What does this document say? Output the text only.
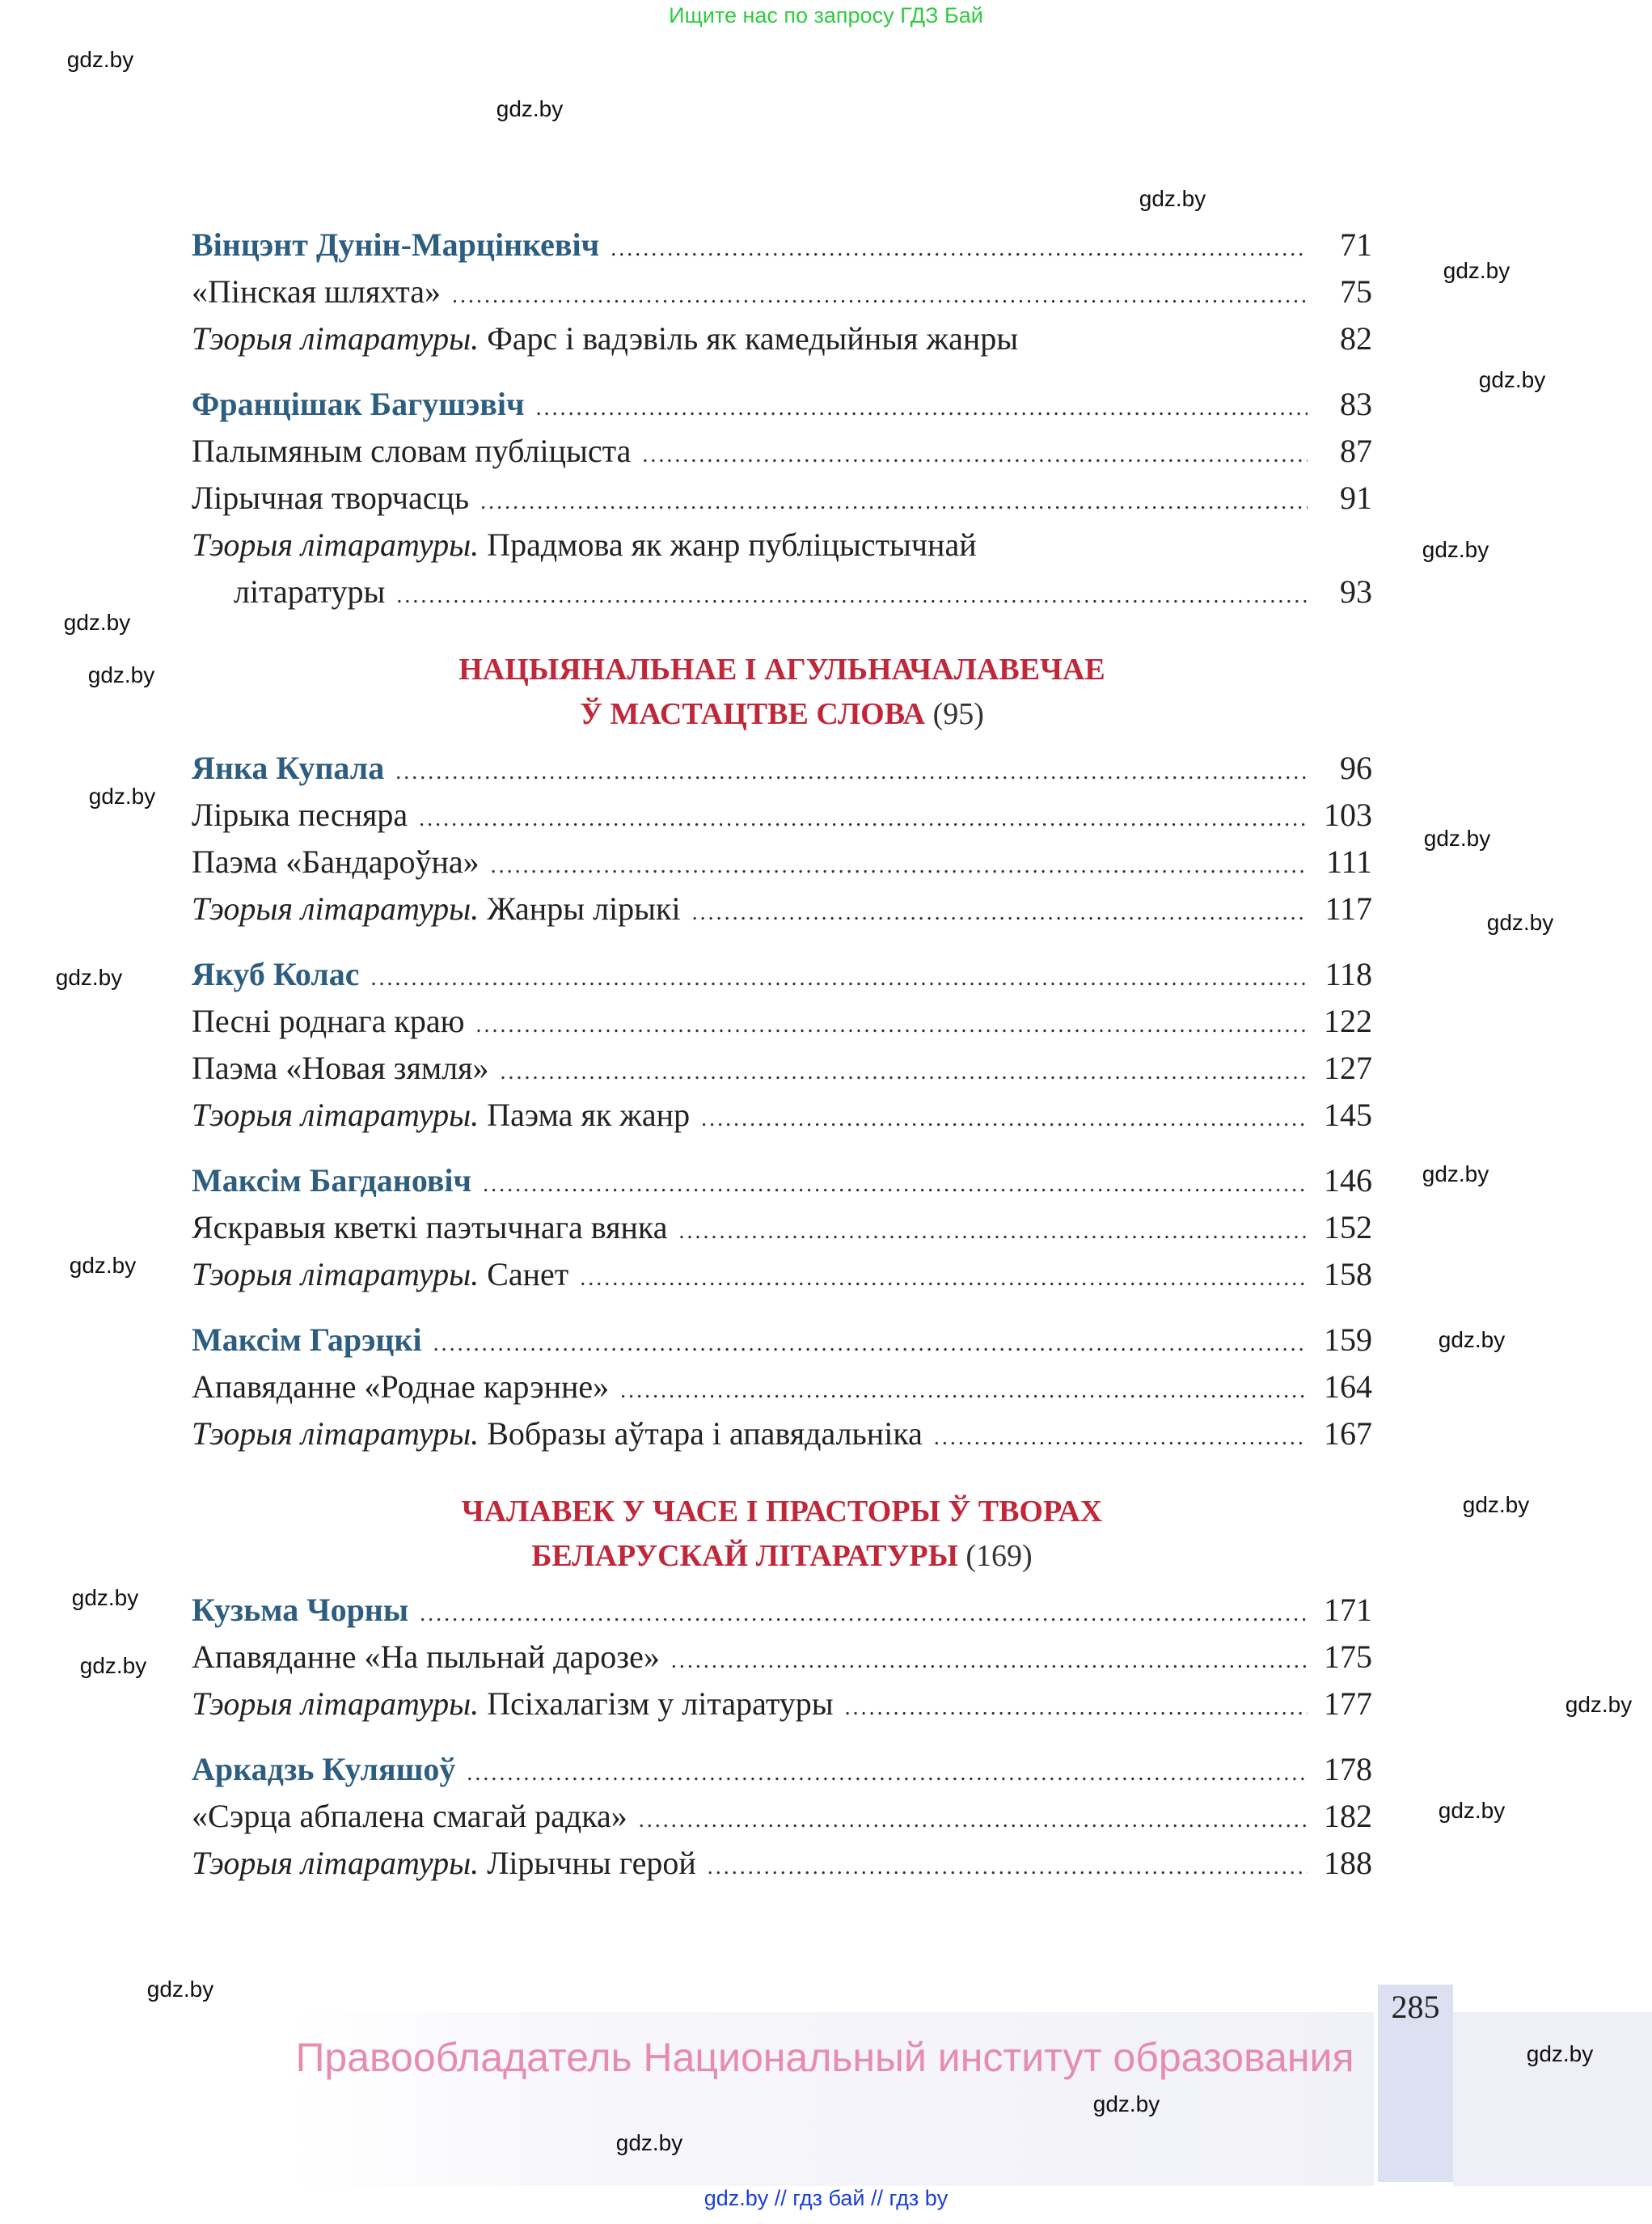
Ищите нас по запросу ГДЗ Бай
285
Правообладатель Национальный институт образования
Вінцэнт Дунін-Марцінкевіч .....	71
«Пінская шляхта» .....	75
Тэорыя літаратуры. Фарс і вадэвіль як камедыйныя жанры	82
Францішак Багушэвіч .....	83
Палымяным словам публіцыста .....	87
Лірычная творчасць .....	91
Тэорыя літаратуры. Прадмова як жанр публіцыстычнай
літаратуры .....	93
НАЦЫЯНАЛЬНАЕ І АГУЛЬНАЧАЛАВЕЧАЕ
Ў МАСТАЦТВЕ СЛОВА (95)
Янка Купала .....	96
Лірыка песняра .....	103
Паэма «Бандароўна» .....	111
Тэорыя літаратуры. Жанры лірыкі .....	117
Якуб Колас .....	118
Песні роднага краю .....	122
Паэма «Новая зямля» .....	127
Тэорыя літаратуры. Паэма як жанр .....	145
Максім Багдановіч .....	146
Яскравыя кветкі паэтычнага вянка .....	152
Тэорыя літаратуры. Санет .....	158
Максім Гарэцкі .....	159
Апавяданне «Роднае карэнне» .....	164
Тэорыя літаратуры. Вобразы аўтара і апавядальніка .....	167
ЧАЛАВЕК У ЧАСЕ І ПРАСТОРЫ Ў ТВОРАХ
БЕЛАРУСКАЙ ЛІТАРАТУРЫ (169)
Кузьма Чорны .....	171
Апавяданне «На пыльнай дарозе» .....	175
Тэорыя літаратуры. Псіхалагізм у літаратуры .....	177
Аркадзь Куляшоў .....	178
«Сэрца абпалена смагай радка» .....	182
Тэорыя літаратуры. Лірычны герой .....	188
gdz.by // гдз бай // гдз by
gdz.by
gdz.by
gdz.by
gdz.by
gdz.by
gdz.by
gdz.by
gdz.by
gdz.by
gdz.by
gdz.by
gdz.by
gdz.by
gdz.by
gdz.by
gdz.by
gdz.by
gdz.by
gdz.by
gdz.by
gdz.by
gdz.by
gdz.by
gdz.by
